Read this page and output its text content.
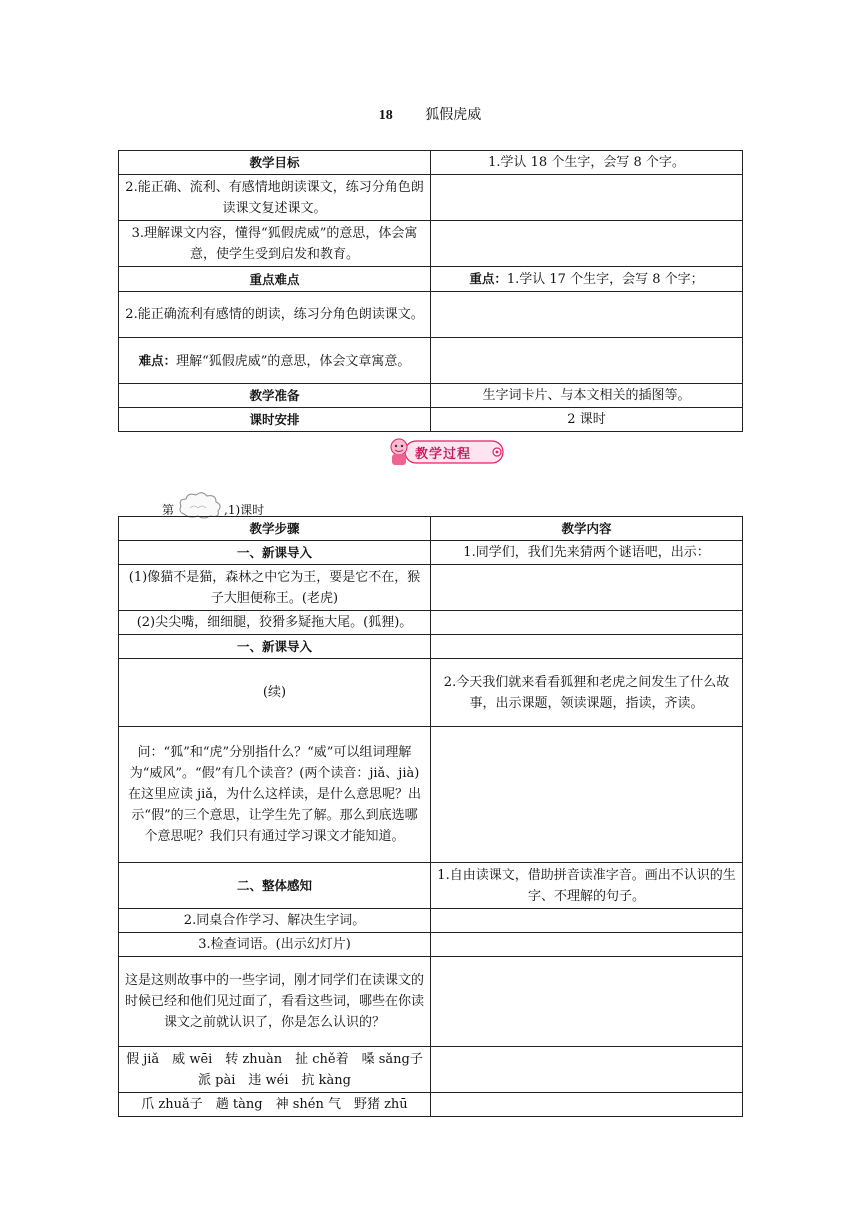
18 狐假虎威
教学目标	1.学认 18 个生字，会写 8 个字。
2.能正确、流利、有感情地朗读课文，练习分角色朗读课文复述课文。	
3.理解课文内容，懂得“狐假虎威”的意思，体会寓意，使学生受到启发和教育。	
重点难点	重点：1.学认 17 个生字，会写 8 个字；
2.能正确流利有感情的朗读，练习分角色朗读课文。	
难点：理解“狐假虎威”的意思，体会文章寓意。	
教学准备	生字词卡片、与本文相关的插图等。
课时安排	2 课时
教学过程
第	,1)课时
教学步骤	教学内容
一、新课导入	1.同学们，我们先来猜两个谜语吧，出示：
(1)像猫不是猫，森林之中它为王，要是它不在，猴子大胆便称王。(老虎)	
(2)尖尖嘴，细细腿，狡猾多疑拖大尾。(狐狸)。	
一、新课导入	
(续)	2.今天我们就来看看狐狸和老虎之间发生了什么故事，出示课题，领读课题，指读，齐读。
问：“狐”和“虎”分别指什么？“威”可以组词理解为“威风”。“假”有几个读音？(两个读音：jiǎ、jià)在这里应读 jiǎ，为什么这样读，是什么意思呢？出示“假”的三个意思，让学生先了解。那么到底选哪个意思呢？我们只有通过学习课文才能知道。	
二、整体感知	1.自由读课文，借助拼音读准字音。画出不认识的生字、不理解的句子。
2.同桌合作学习、解决生字词。	
3.检查词语。(出示幻灯片)	
这是这则故事中的一些字词，刚才同学们在读课文的时候已经和他们见过面了，看看这些词，哪些在你读课文之前就认识了，你是怎么认识的？	
假 jiǎ　威 wēi　转 zhuàn　扯 chě着　嗓 sǎng子　派 pài　违 wéi　抗 kàng	
爪 zhuǎ子　趟 tàng　神 shén 气　野猪 zhū	
